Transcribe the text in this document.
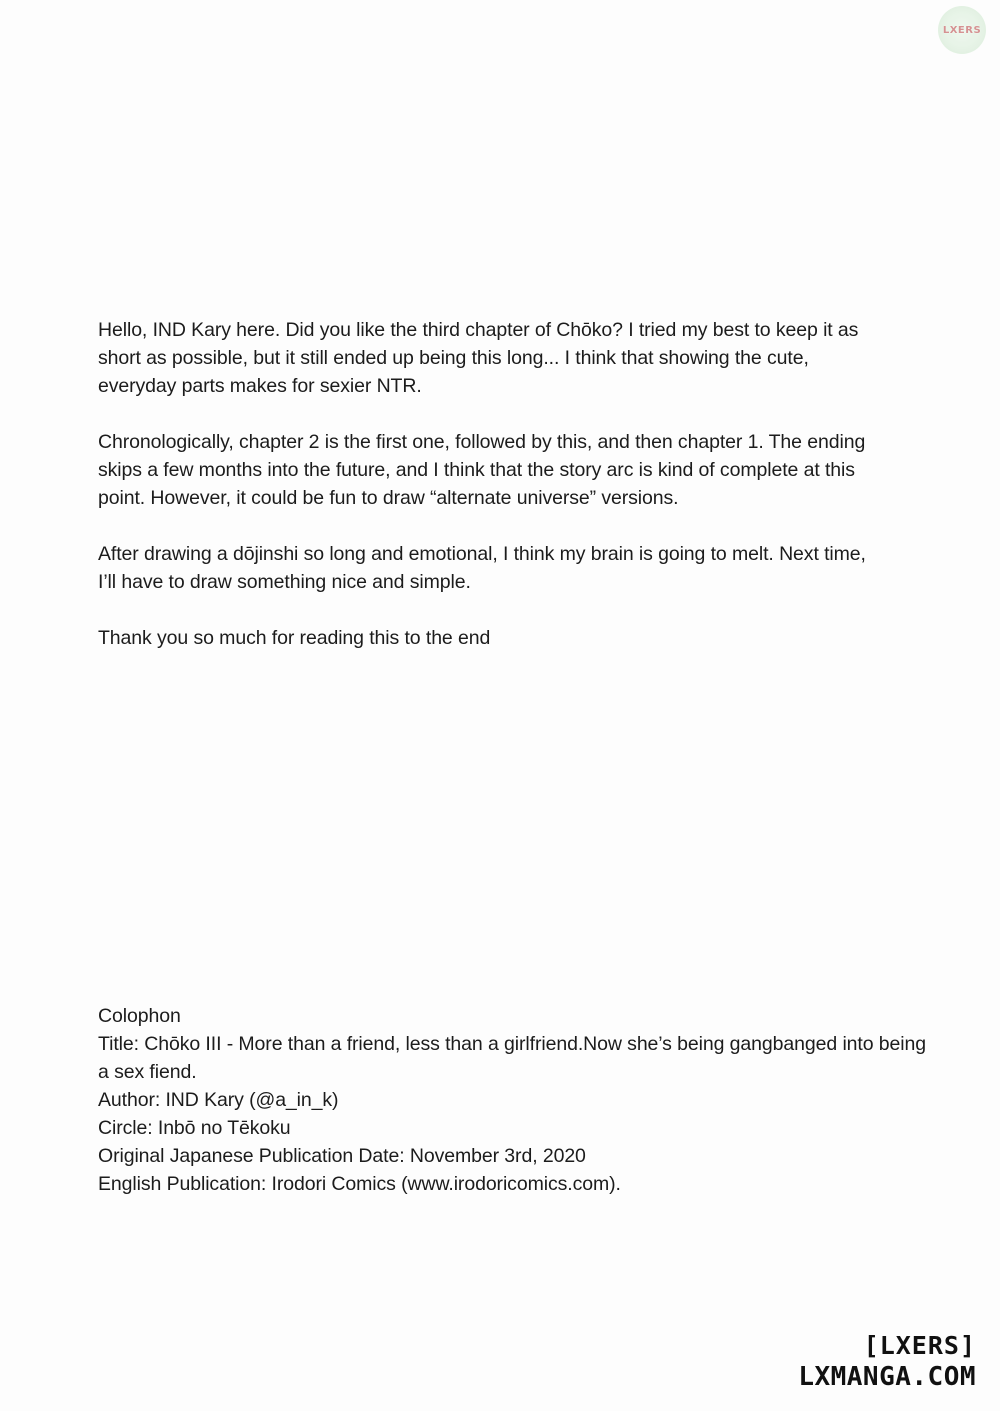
LXERS

Hello, IND Kary here. Did you like the third chapter of Chōko? I tried my best to keep it as short as possible, but it still ended up being this long... I think that showing the cute, everyday parts makes for sexier NTR.

Chronologically, chapter 2 is the first one, followed by this, and then chapter 1. The ending skips a few months into the future, and I think that the story arc is kind of complete at this point. However, it could be fun to draw “alternate universe” versions.

After drawing a dōjinshi so long and emotional, I think my brain is going to melt. Next time, I’ll have to draw something nice and simple.

Thank you so much for reading this to the end

Colophon
Title: Chōko III - More than a friend, less than a girlfriend.Now she’s being gangbanged into being a sex fiend.
Author: IND Kary (@a_in_k)
Circle: Inbō no Tēkoku
Original Japanese Publication Date: November 3rd, 2020
English Publication: Irodori Comics (www.irodoricomics.com).
[LXERS]
LXMANGA.COM
